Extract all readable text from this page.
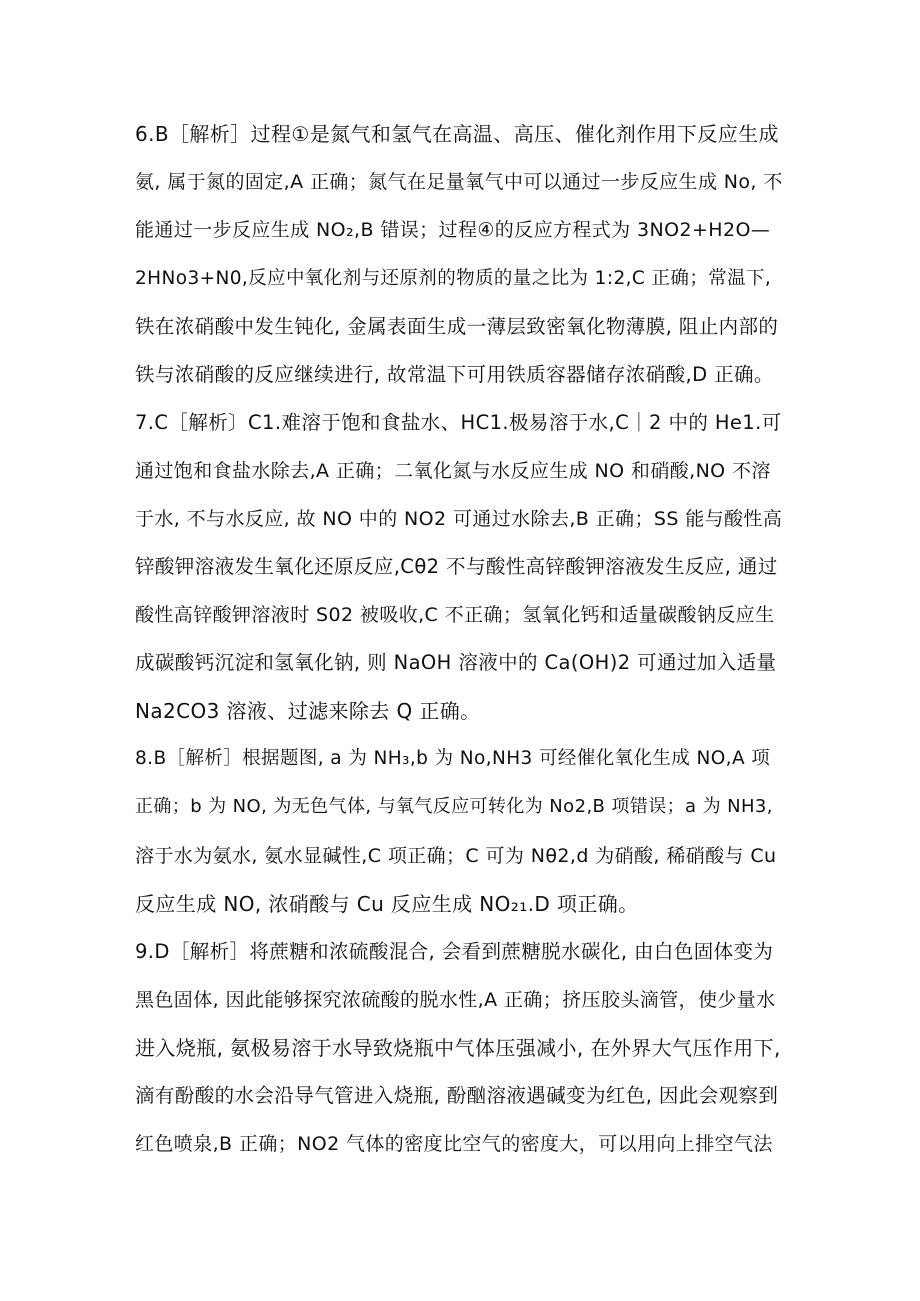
6.B［解析］过程①是氮气和氢气在高温、高压、催化剂作用下反应生成
氨, 属于氮的固定,A 正确；氮气在足量氧气中可以通过一步反应生成 No, 不
能通过一步反应生成 NO₂,B 错误；过程④的反应方程式为 3NO2+H2O—
2HNo3+N0,反应中氧化剂与还原剂的物质的量之比为 1:2,C 正确；常温下,
铁在浓硝酸中发生钝化, 金属表面生成一薄层致密氧化物薄膜, 阻止内部的
铁与浓硝酸的反应继续进行, 故常温下可用铁质容器储存浓硝酸,D 正确。
7.C［解析〕C1.难溶于饱和食盐水、HC1.极易溶于水,C｜2 中的 He1.可
通过饱和食盐水除去,A 正确；二氧化氮与水反应生成 NO 和硝酸,NO 不溶
于水, 不与水反应, 故 NO 中的 NO2 可通过水除去,B 正确；SS 能与酸性高
锌酸钾溶液发生氧化还原反应,Cθ2 不与酸性高锌酸钾溶液发生反应, 通过
酸性高锌酸钾溶液时 S02 被吸收,C 不正确；氢氧化钙和适量碳酸钠反应生
成碳酸钙沉淀和氢氧化钠, 则 NaOH 溶液中的 Ca(OH)2 可通过加入适量
Na2CO3 溶液、过滤来除去 Q 正确。
8.B［解析］根据题图, a 为 NH₃,b 为 No,NH3 可经催化氧化生成 NO,A 项
正确；b 为 NO, 为无色气体, 与氧气反应可转化为 No2,B 项错误；a 为 NH3,
溶于水为氨水, 氨水显碱性,C 项正确；C 可为 Nθ2,d 为硝酸, 稀硝酸与 Cu
反应生成 NO, 浓硝酸与 Cu 反应生成 NO₂₁.D 项正确。
9.D［解析］将蔗糖和浓硫酸混合, 会看到蔗糖脱水碳化, 由白色固体变为
黑色固体, 因此能够探究浓硫酸的脱水性,A 正确；挤压胶头滴管，使少量水
进入烧瓶, 氨极易溶于水导致烧瓶中气体压强减小, 在外界大气压作用下,
滴有酚酸的水会沿导气管进入烧瓶, 酚酗溶液遇碱变为红色, 因此会观察到
红色喷泉,B 正确；NO2 气体的密度比空气的密度大，可以用向上排空气法
